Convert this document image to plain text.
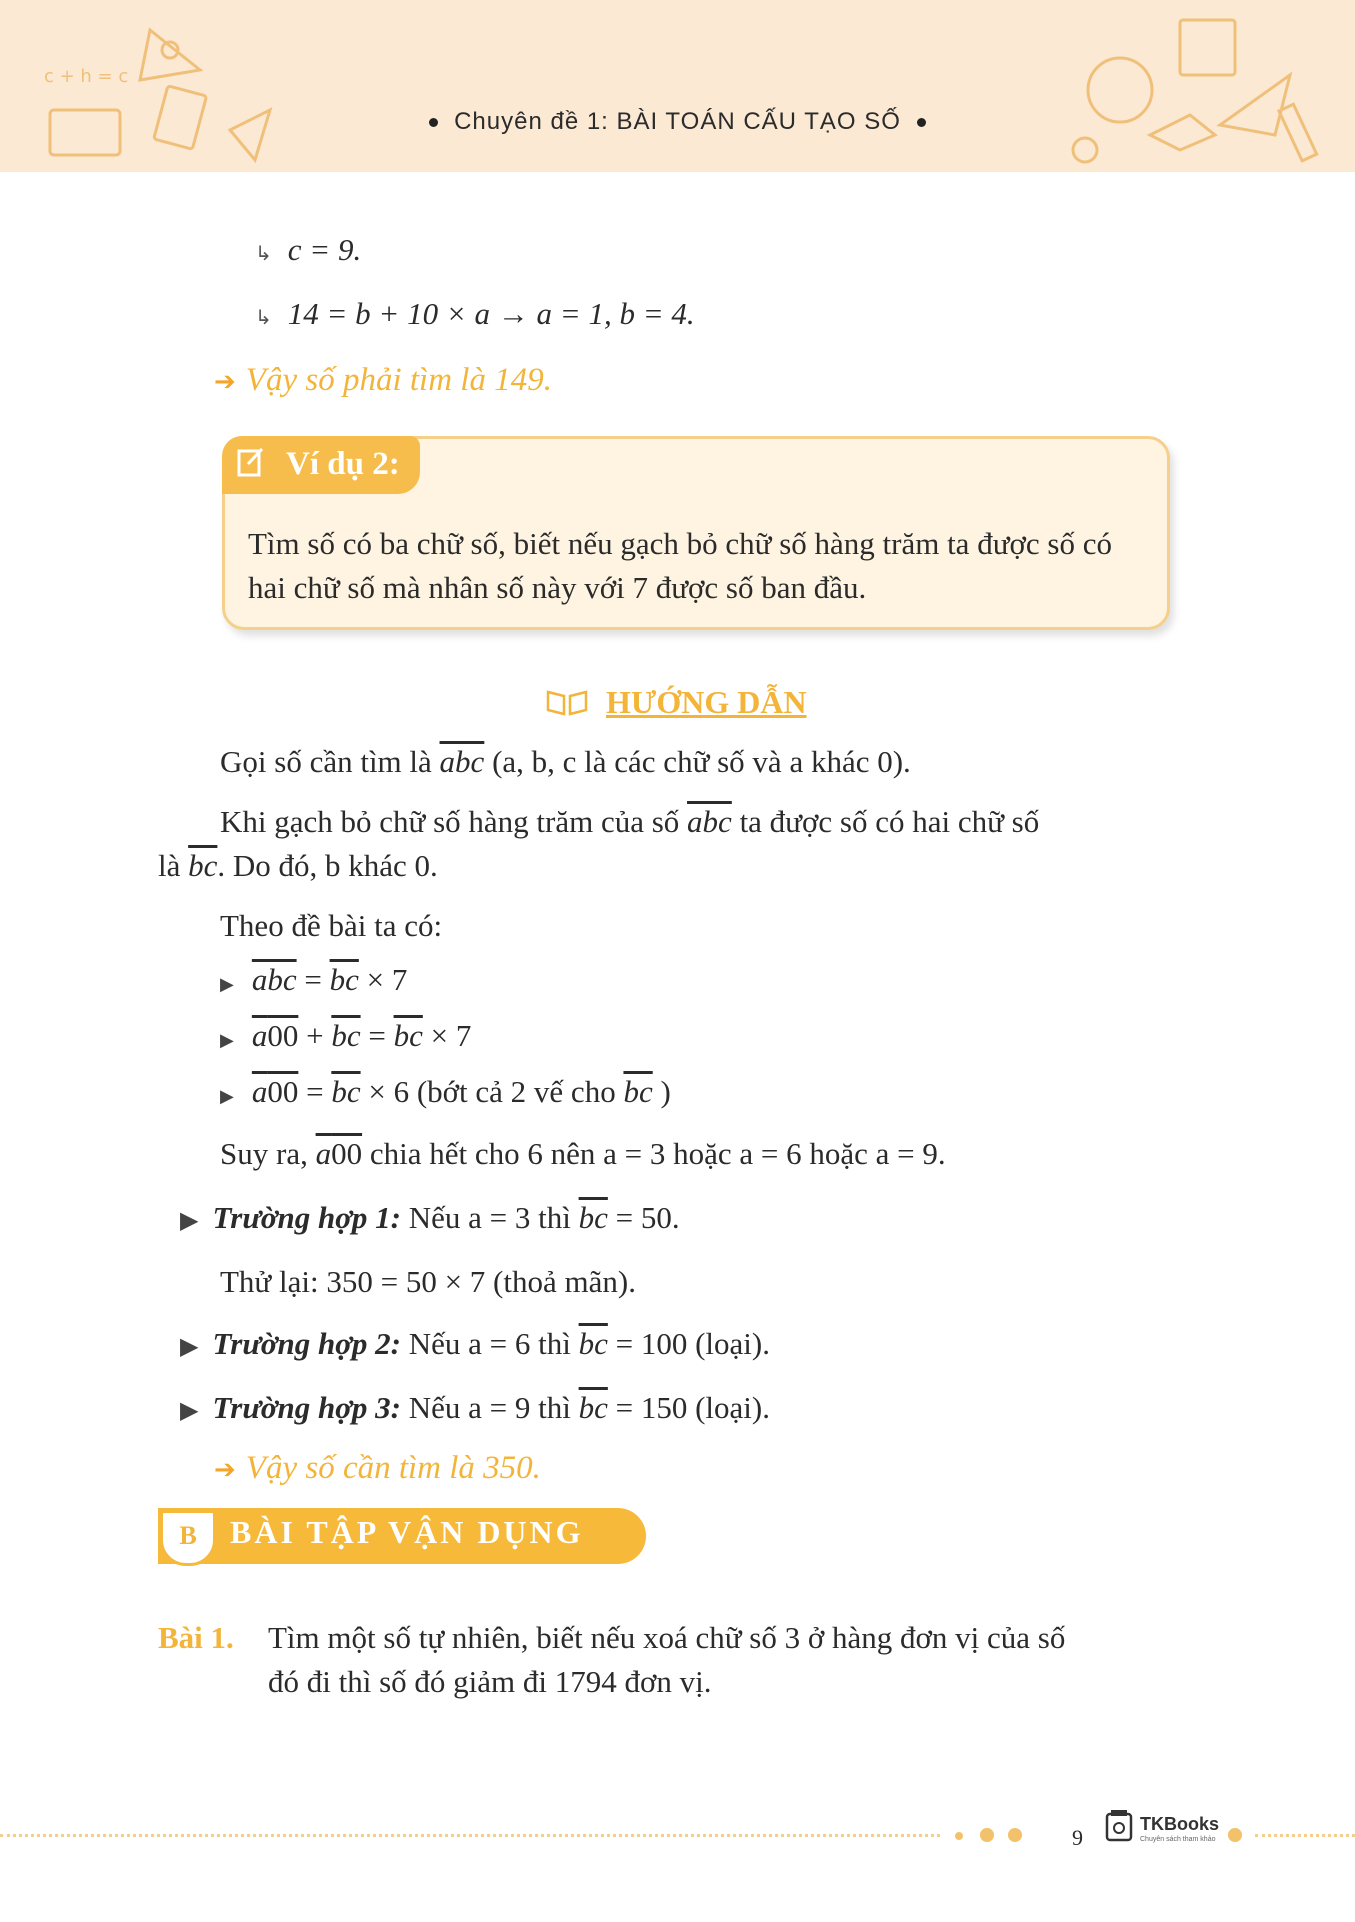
c + h = c
Chuyên đề 1: BÀI TOÁN CẤU TẠO SỐ
↳ c = 9.
↳ 14 = b + 10 × a → a = 1, b = 4.
➔ Vậy số phải tìm là 149.
Ví dụ 2:
Tìm số có ba chữ số, biết nếu gạch bỏ chữ số hàng trăm ta được số có hai chữ số mà nhân số này với 7 được số ban đầu.
HƯỚNG DẪN
Gọi số cần tìm là $\overline{abc}$ (a, b, c là các chữ số và a khác 0).
Khi gạch bỏ chữ số hàng trăm của số $\overline{abc}$ ta được số có hai chữ số
là $\overline{bc}$. Do đó, b khác 0.
Theo đề bài ta có:
▶ $\overline{abc} = \overline{bc} \times 7$
▶ $a00 + \overline{bc} = \overline{bc} \times 7$
▶ $a00 = \overline{bc} \times 6$ (bớt cả 2 vế cho $\overline{bc}$ )
Suy ra, a00 chia hết cho 6 nên a = 3 hoặc a = 6 hoặc a = 9.
▶ Trường hợp 1: Nếu a = 3 thì $\overline{bc} = 50$.
Thử lại: 350 = 50 × 7 (thoả mãn).
▶ Trường hợp 2: Nếu a = 6 thì $\overline{bc} = 100$ (loại).
▶ Trường hợp 3: Nếu a = 9 thì $\overline{bc} = 150$ (loại).
➔ Vậy số cần tìm là 350.
B	BÀI TẬP VẬN DỤNG
Bài 1. Tìm một số tự nhiên, biết nếu xoá chữ số 3 ở hàng đơn vị của số
đó đi thì số đó giảm đi 1794 đơn vị.
9
TKBooks
Chuyên sách tham khảo
